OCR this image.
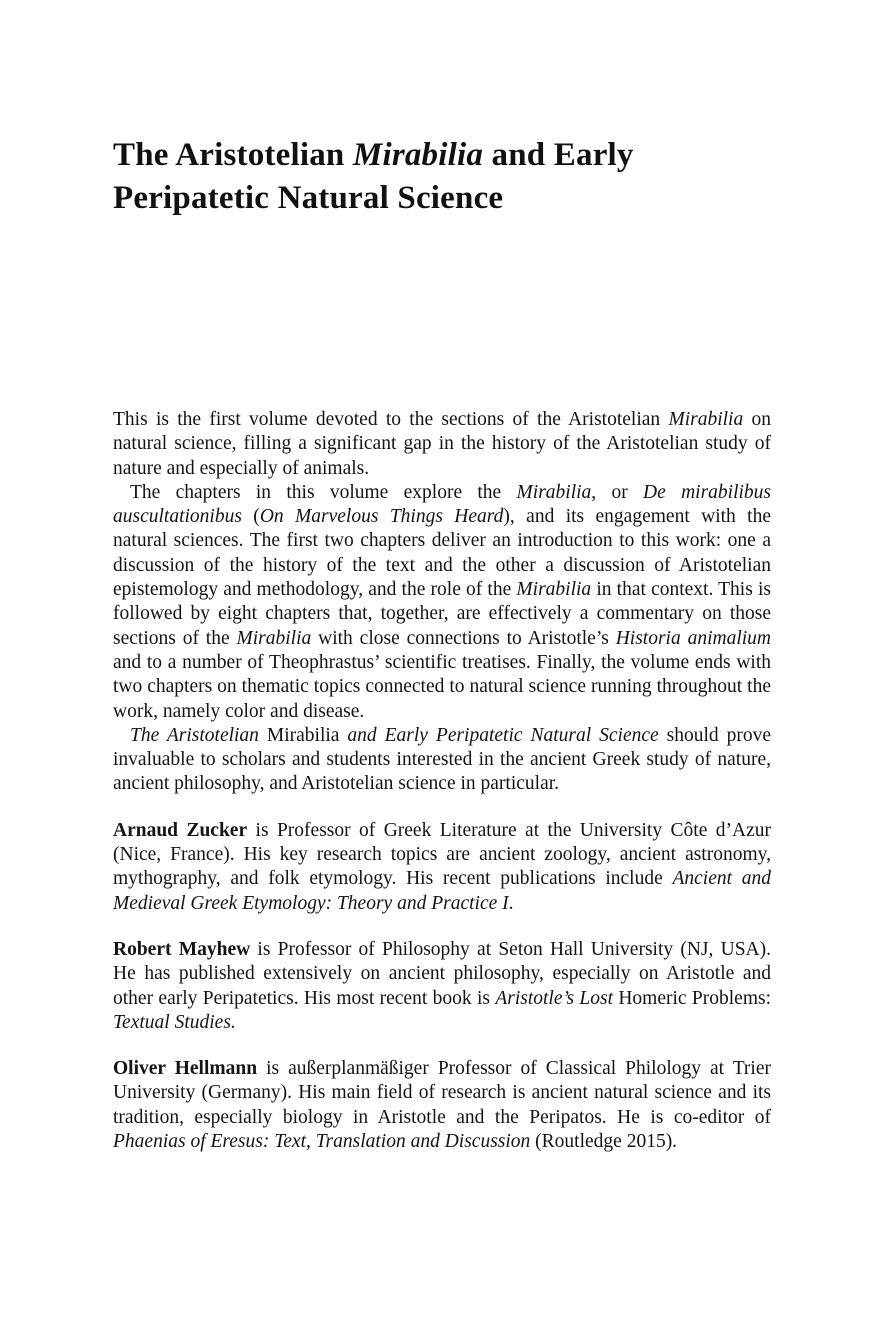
The Aristotelian Mirabilia and Early Peripatetic Natural Science

This is the first volume devoted to the sections of the Aristotelian Mirabilia on natural science, filling a significant gap in the history of the Aristotelian study of nature and especially of animals.

The chapters in this volume explore the Mirabilia, or De mirabilibus auscultationibus (On Marvelous Things Heard), and its engagement with the natural sciences. The first two chapters deliver an introduction to this work: one a discussion of the history of the text and the other a discussion of Aristotelian epistemology and methodology, and the role of the Mirabilia in that context. This is followed by eight chapters that, together, are effectively a commentary on those sections of the Mirabilia with close connections to Aristotle’s Historia animalium and to a number of Theophrastus’ scientific treatises. Finally, the volume ends with two chapters on thematic topics connected to natural science running throughout the work, namely color and disease.

The Aristotelian Mirabilia and Early Peripatetic Natural Science should prove invaluable to scholars and students interested in the ancient Greek study of nature, ancient philosophy, and Aristotelian science in particular.

Arnaud Zucker is Professor of Greek Literature at the University Côte d’Azur (Nice, France). His key research topics are ancient zoology, ancient astronomy, mythography, and folk etymology. His recent publications include Ancient and Medieval Greek Etymology: Theory and Practice I.

Robert Mayhew is Professor of Philosophy at Seton Hall University (NJ, USA). He has published extensively on ancient philosophy, especially on Aristotle and other early Peripatetics. His most recent book is Aristotle’s Lost Homeric Problems: Textual Studies.

Oliver Hellmann is außerplanmäßiger Professor of Classical Philology at Trier University (Germany). His main field of research is ancient natural science and its tradition, especially biology in Aristotle and the Peripatos. He is co-editor of Phaenias of Eresus: Text, Translation and Discussion (Routledge 2015).
